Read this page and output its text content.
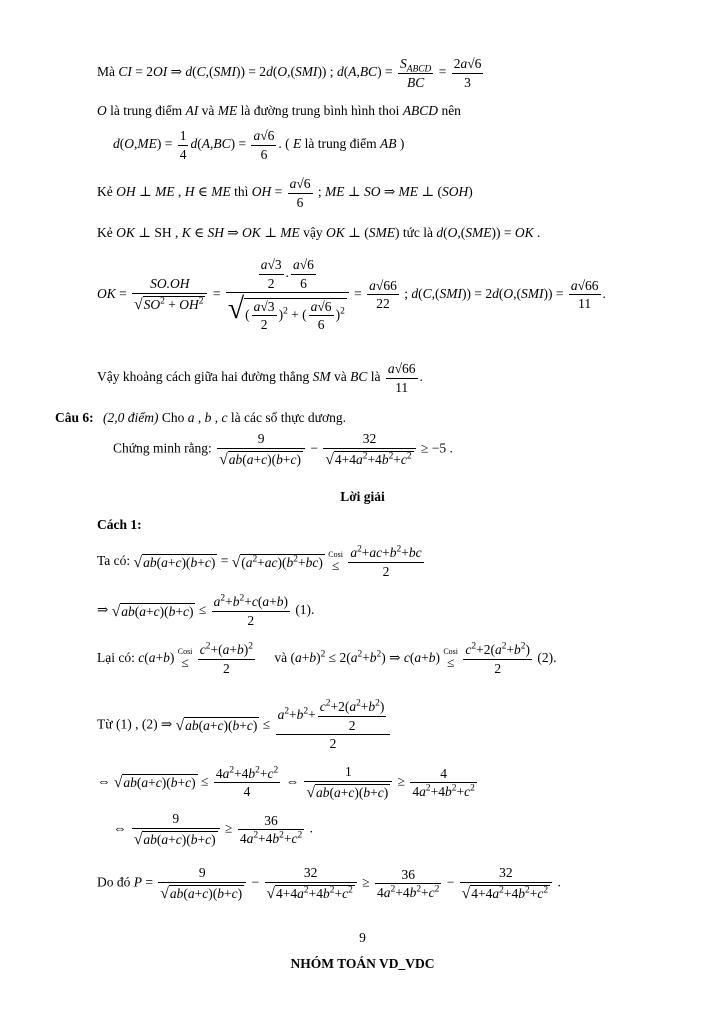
Mà CI = 2OI ⇒ d(C,(SMI)) = 2d(O,(SMI)) ; $d(A,BC) = \frac{S_{ABCD}}{BC} = \frac{2a√6}{3}$
O là trung điểm AI và ME là đường trung bình hình thoi ABCD nên
$d(O,ME) = \frac{1}{4} d(A,BC) = \frac{a√6}{6}$ . ( E là trung điểm AB )
Kẻ OH ⊥ ME , H ∈ ME thì OH = $\frac{a√6}{6}$ ; ME ⊥ SO ⇒ ME ⊥ (SOH)
Kẻ OK ⊥ SH , K ∈ SH ⇒ OK ⊥ ME vậy OK ⊥ (SME) tức là d(O,(SME)) = OK .
OK = $\frac{SO.OH}{√SO^2 + OH^2} = \frac{\frac{a√3}{2} . \frac{a√6}{6}}{√( \frac{a√3}{2} )^2 + ( \frac{a√6}{6} )^2} = \frac{a√66}{22}$ ; $d(C,(SMI)) = 2d(O,(SMI)) = \frac{a√66}{11}$ .
Vậy khoảng cách giữa hai đường thẳng SM và BC là $\frac{a√66}{11}$ .
Câu 6: (2,0 điểm) Cho a , b , c là các số thực dương.
Chứng minh rằng: $\frac{9}{√ab(a+c)(b+c)} - \frac{32}{√4+4a^2+4b^2+c^2} \ge -5$ .
Lời giải
Cách 1:
Ta có: $√ab(a+c)(b+c) = √(a^2+ac)(b^2+bc)$ Cosi
≤ $\frac{a^2+ac+b^2+bc}{2}$
⇒ $√ab(a+c)(b+c) \le \frac{a^2+b^2+c(a+b)}{2} (1)$.
Lại có: c(a+b) Cosi
≤ $\frac{c^2+(a+b)^2}{2}$ và $(a+b)^2 \le 2(a^2+b^2)$ ⇒ c(a+b) Cosi
≤ $\frac{c^2+2(a^2+b^2)}{2} (2)$.
Từ (1) , (2) ⇒ $√ab(a+c)(b+c) \le \frac{a^2+b^2+ \frac{c^2+2(a^2+b^2)}{2}}{2}$
⇔ $√ab(a+c)(b+c) \le \frac{4a^2+4b^2+c^2}{4}$ ⇔ $\frac{1}{√ab(a+c)(b+c)} \ge \frac{4}{4a^2+4b^2+c^2}$
⇔ $\frac{9}{√ab(a+c)(b+c)} \ge \frac{36}{4a^2+4b^2+c^2}$ .
Do đó $P = \frac{9}{√ab(a+c)(b+c)} - \frac{32}{√4+4a^2+4b^2+c^2} \ge \frac{36}{4a^2+4b^2+c^2} - \frac{32}{√4+4a^2+4b^2+c^2}$ .
9
NHÓM TOÁN VD_VDC
